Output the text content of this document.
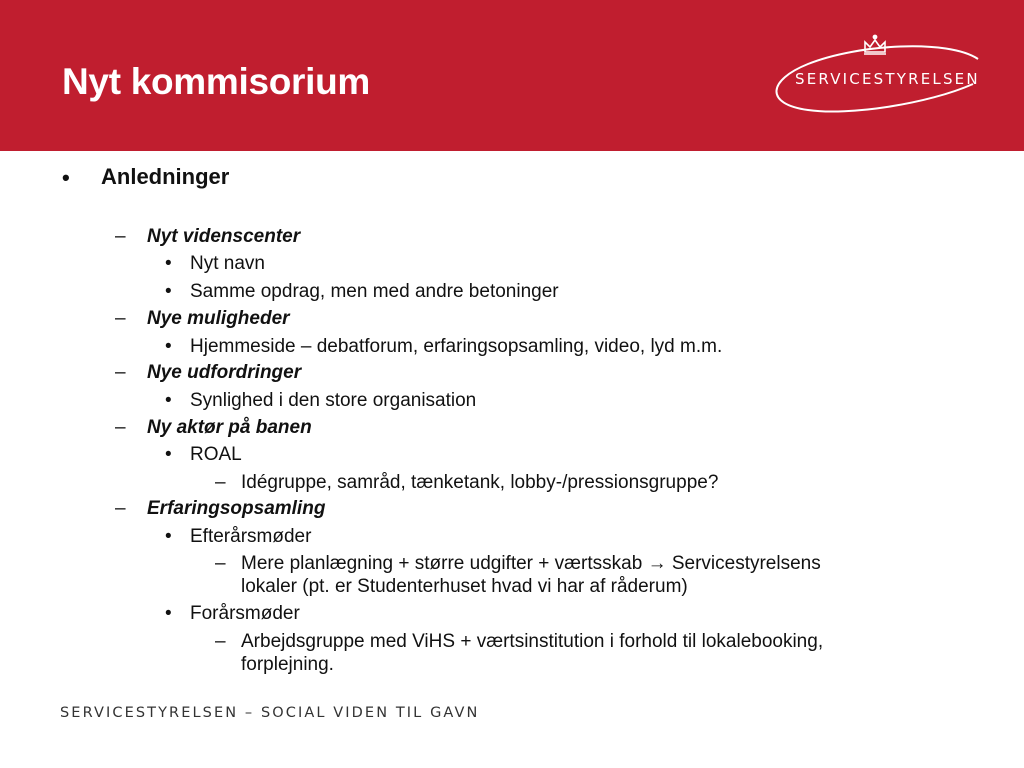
Nyt kommisorium	SERVICESTYRELSEN
• Anledninger
– Nyt videnscenter
• Nyt navn
• Samme opdrag, men med andre betoninger
– Nye muligheder
• Hjemmeside – debatforum, erfaringsopsamling, video, lyd m.m.
– Nye udfordringer
• Synlighed i den store organisation
– Ny aktør på banen
• ROAL
– Idégruppe, samråd, tænketank, lobby-/pressionsgruppe?
– Erfaringsopsamling
• Efterårsmøder
– Mere planlægning + større udgifter + værtsskab → Servicestyrelsens
lokaler (pt. er Studenterhuset hvad vi har af råderum)
• Forårsmøder
– Arbejdsgruppe med ViHS + værtsinstitution i forhold til lokalebooking,
forplejning.
SERVICESTYRELSEN – SOCIAL VIDEN TIL GAVN
